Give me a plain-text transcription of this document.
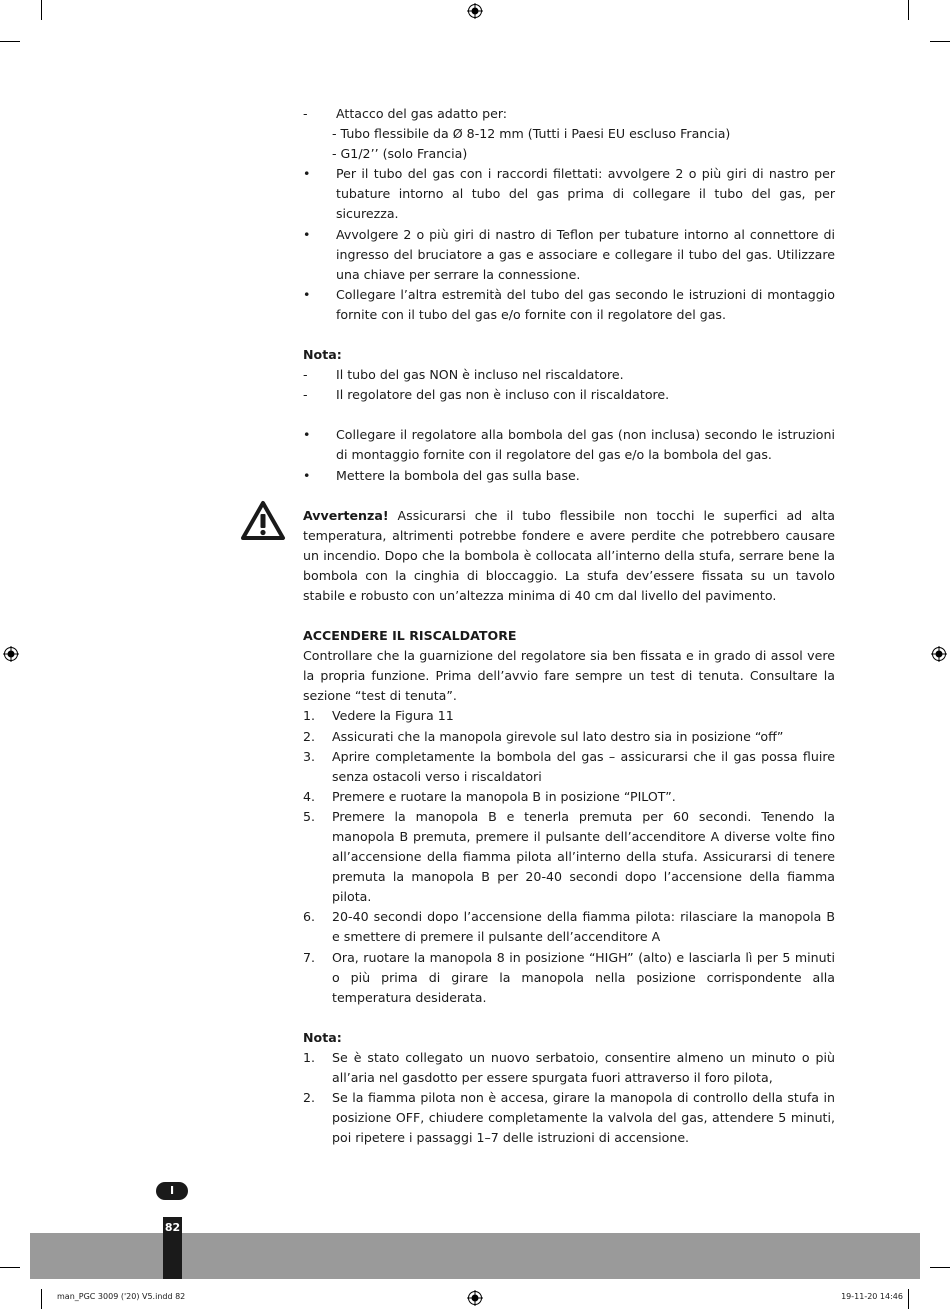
-	Attacco del gas adatto per:
- Tubo flessibile da Ø 8-12 mm (Tutti i Paesi EU escluso Francia)
- G1/2’’ (solo Francia)
•	Per il tubo del gas con i raccordi filettati: avvolgere 2 o più giri di nastro per tubature intorno al tubo del gas prima di collegare il tubo del gas, per sicurezza.
•	Avvolgere 2 o più giri di nastro di Teflon per tubature intorno al connettore di ingresso del bruciatore a gas e associare e collegare il tubo del gas. Utilizzare una chiave per serrare la connessione.
•	Collegare l’altra estremità del tubo del gas secondo le istruzioni di montaggio fornite con il tubo del gas e/o fornite con il regolatore del gas.
Nota:
-	Il tubo del gas NON è incluso nel riscaldatore.
-	Il regolatore del gas non è incluso con il riscaldatore.
•	Collegare il regolatore alla bombola del gas (non inclusa) secondo le istruzioni di montaggio fornite con il regolatore del gas e/o la bombola del gas.
•	Mettere la bombola del gas sulla base.
Avvertenza! Assicurarsi che il tubo flessibile non tocchi le superfici ad alta temperatura, altrimenti potrebbe fondere e avere perdite che potrebbero causare un incendio. Dopo che la bombola è collocata all’interno della stufa, serrare bene la bombola con la cinghia di bloccaggio. La stufa dev’essere fissata su un tavolo stabile e robusto con un’altezza minima di 40 cm dal livello del pavimento.
ACCENDERE IL RISCALDATORE
Controllare che la guarnizione del regolatore sia ben fissata e in grado di assol vere la propria funzione. Prima dell’avvio fare sempre un test di tenuta. Consultare la sezione “test di tenuta”.
1.	Vedere la Figura 11
2.	Assicurati che la manopola girevole sul lato destro sia in posizione “off”
3.	Aprire completamente la bombola del gas – assicurarsi che il gas possa fluire senza ostacoli verso i riscaldatori
4.	Premere e ruotare la manopola B in posizione “PILOT”.
5.	Premere la manopola B e tenerla premuta per 60 secondi. Tenendo la manopola B premuta, premere il pulsante dell’accenditore A diverse volte fino all’accensione della fiamma pilota all’interno della stufa. Assicurarsi di tenere premuta la manopola B per 20-40 secondi dopo l’accensione della fiamma pilota.
6.	20-40 secondi dopo l’accensione della fiamma pilota: rilasciare la manopola B e smettere di premere il pulsante dell’accenditore A
7.	Ora, ruotare la manopola 8 in posizione “HIGH” (alto) e lasciarla lì per 5 minuti o più prima di girare la manopola nella posizione corrispondente alla temperatura desiderata.
Nota:
1.	Se è stato collegato un nuovo serbatoio, consentire almeno un minuto o più all’aria nel gasdotto per essere spurgata fuori attraverso il foro pilota,
2.	Se la fiamma pilota non è accesa, girare la manopola di controllo della stufa in posizione OFF, chiudere completamente la valvola del gas, attendere 5 minuti, poi ripetere i passaggi 1–7 delle istruzioni di accensione.
I
82
man_PGC 3009 ('20) V5.indd 82	19-11-20 14:46
